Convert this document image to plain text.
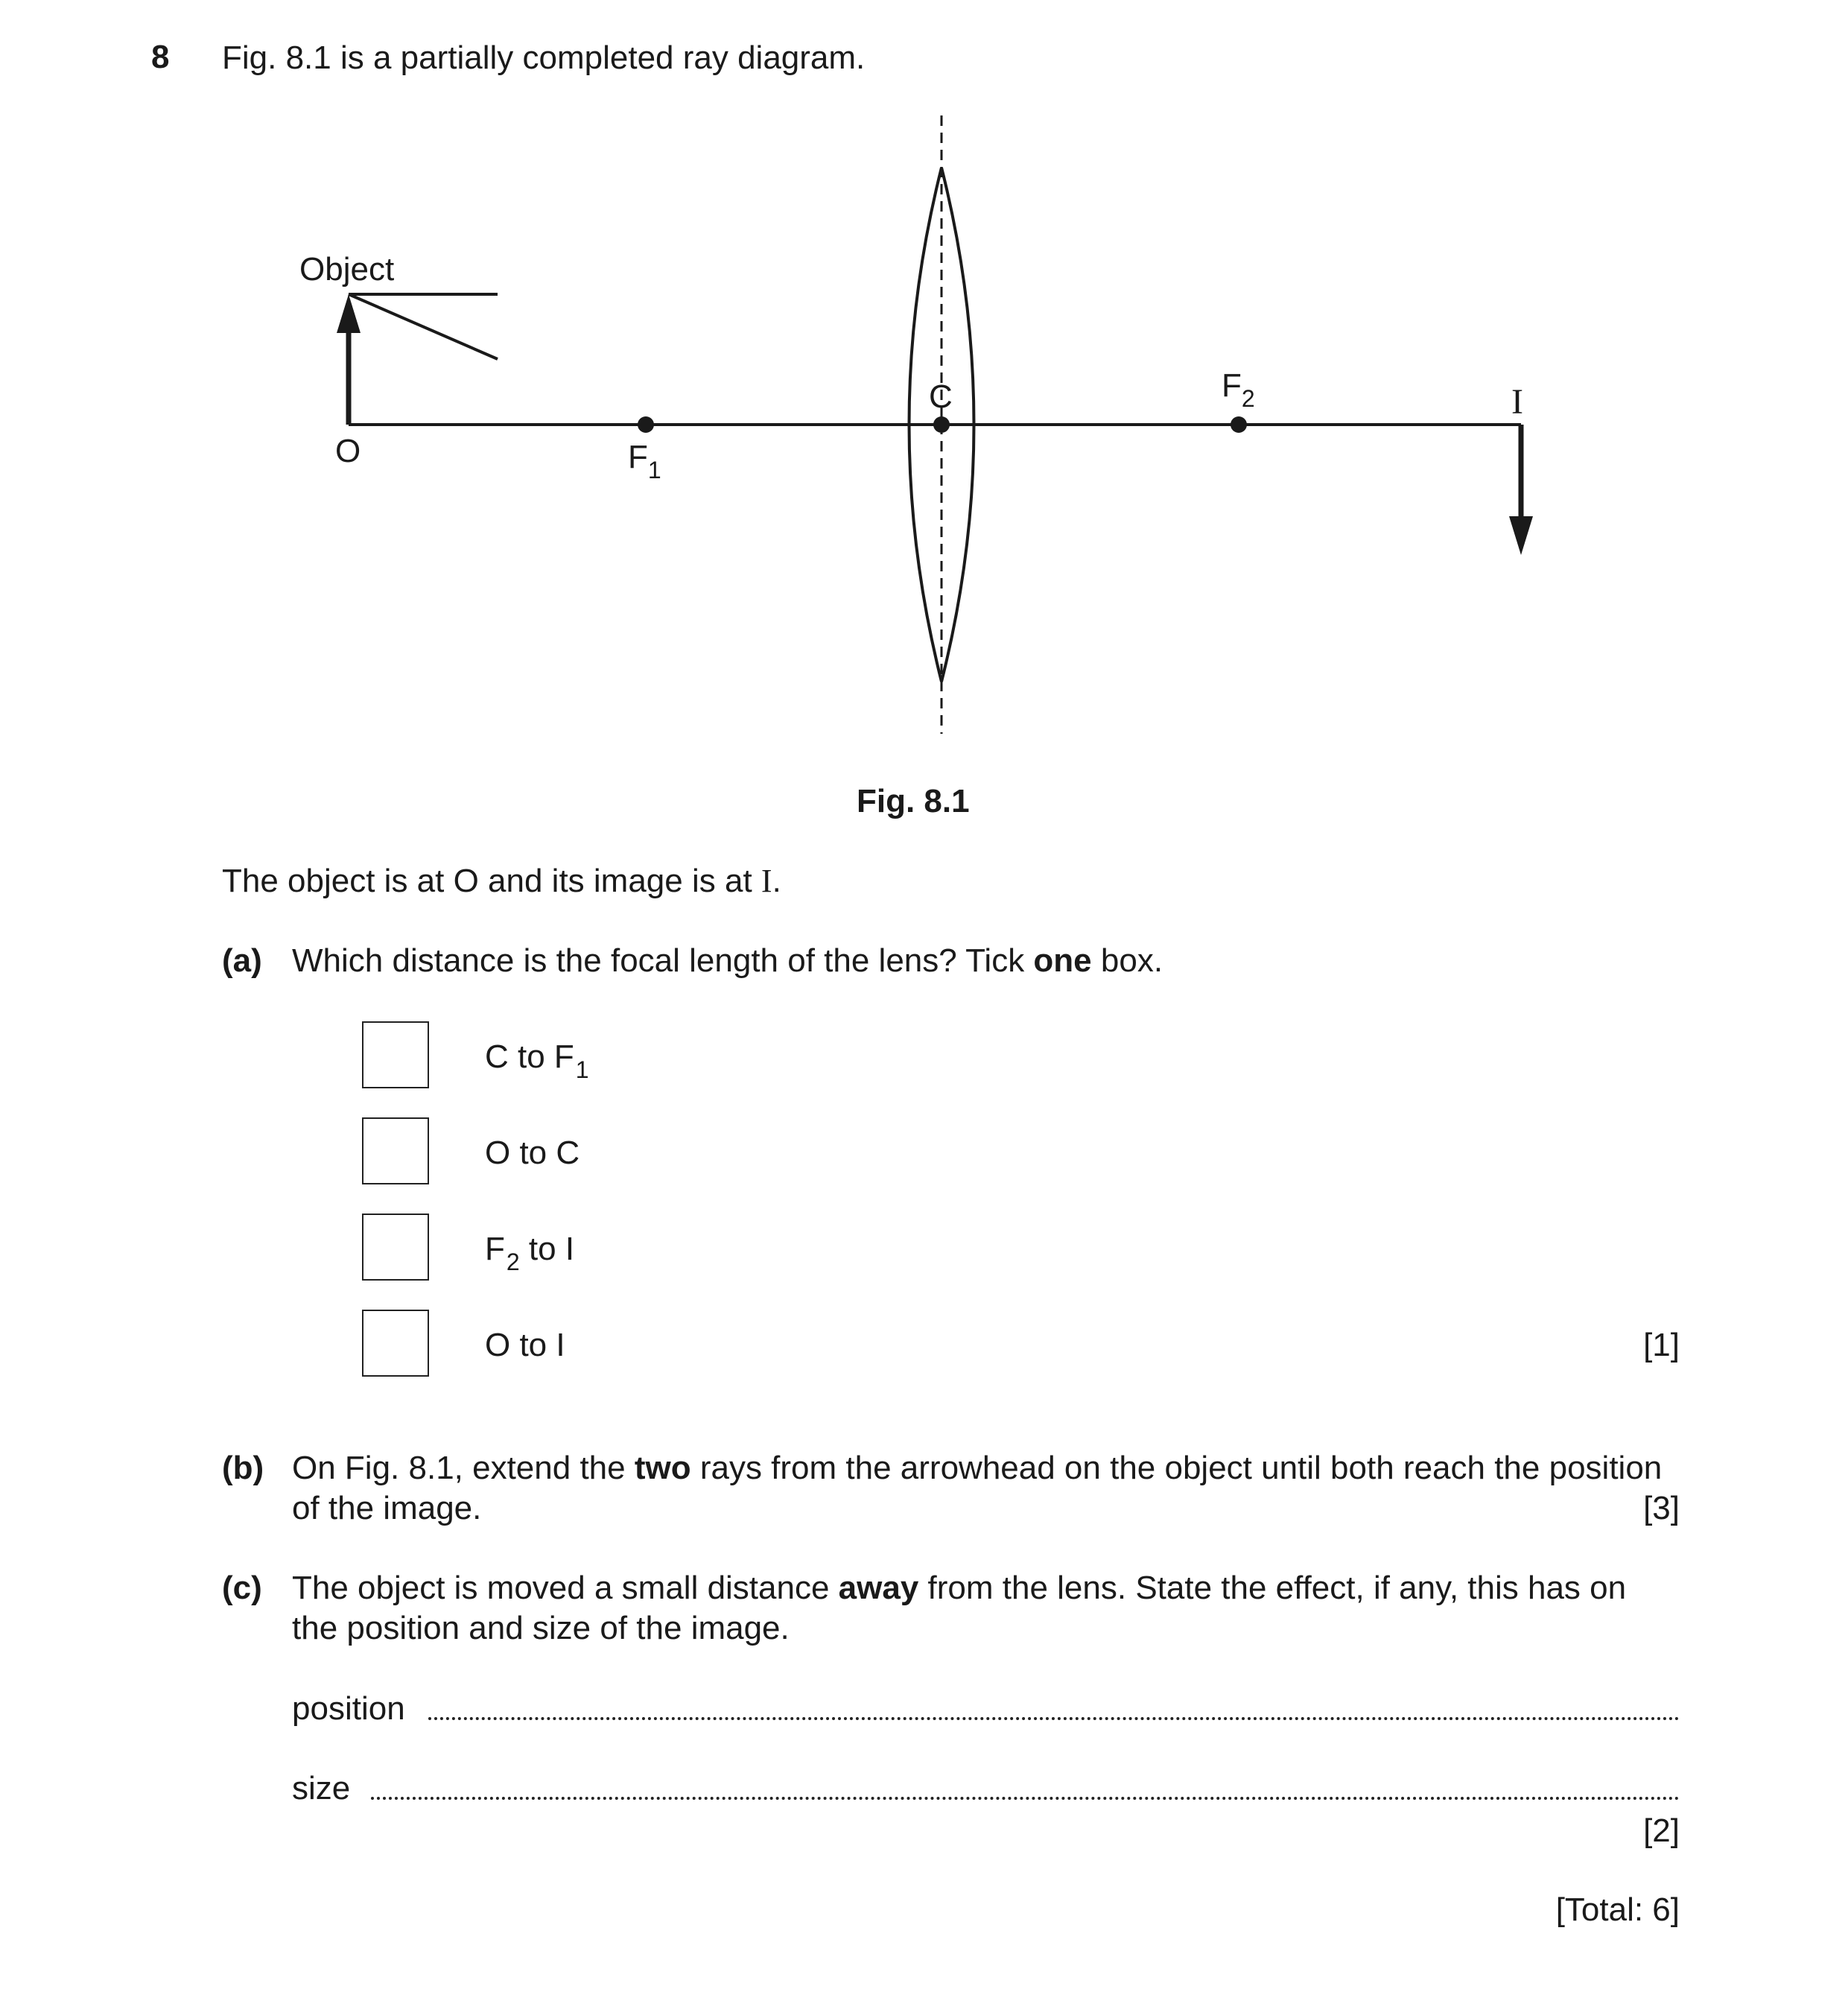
8 Fig. 8.1 is a partially completed ray diagram.
Object
O	$F_1$
C	$F_2$	I
Fig. 8.1
The object is at O and its image is at I.
(a) Which distance is the focal length of the lens? Tick one box.
C to $F_1$
O to C
$F_2$ to I
O to I	[1]
(b) On Fig. 8.1, extend the two rays from the arrowhead on the object until both reach the position
of the image.	[3]
(c) The object is moved a small distance away from the lens. State the effect, if any, this has on
the position and size of the image.
position
size
[2]
[Total: 6]
